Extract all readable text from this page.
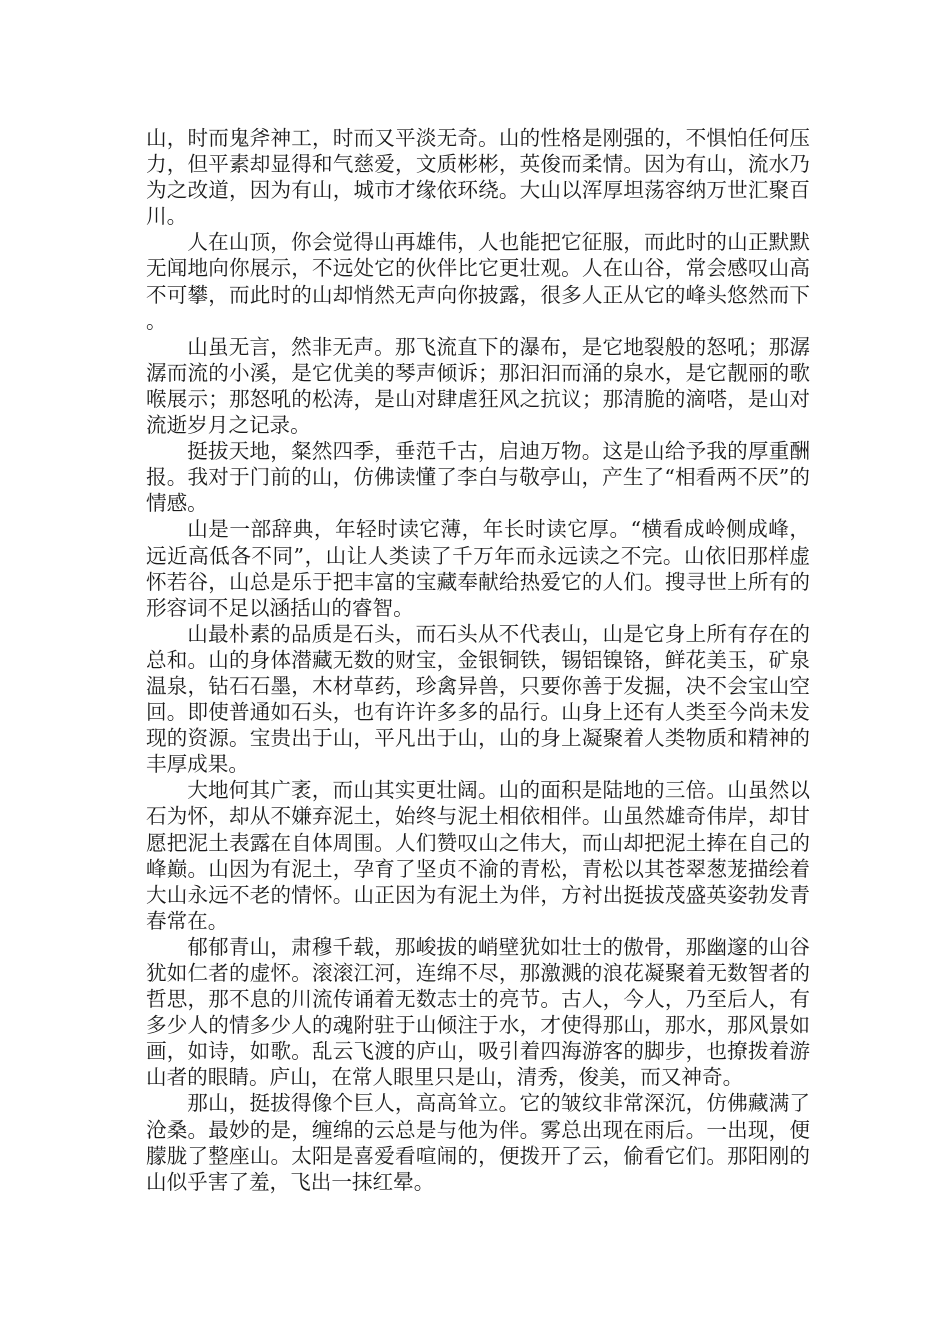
山，时而鬼斧神工，时而又平淡无奇。山的性格是刚强的，不惧怕任何压力，但平素却显得和气慈爱，文质彬彬，英俊而柔情。因为有山，流水乃为之改道，因为有山，城市才缘依环绕。大山以浑厚坦荡容纳万世汇聚百川。

人在山顶，你会觉得山再雄伟，人也能把它征服，而此时的山正默默无闻地向你展示，不远处它的伙伴比它更壮观。人在山谷，常会感叹山高不可攀，而此时的山却悄然无声向你披露，很多人正从它的峰头悠然而下。

山虽无言，然非无声。那飞流直下的瀑布，是它地裂般的怒吼；那潺潺而流的小溪，是它优美的琴声倾诉；那汩汩而涌的泉水，是它靓丽的歌喉展示；那怒吼的松涛，是山对肆虐狂风之抗议；那清脆的滴嗒，是山对流逝岁月之记录。

挺拔天地，粲然四季，垂范千古，启迪万物。这是山给予我的厚重酬报。我对于门前的山，仿佛读懂了李白与敬亭山，产生了“相看两不厌”的情感。

山是一部辞典，年轻时读它薄，年长时读它厚。“横看成岭侧成峰，远近高低各不同”，山让人类读了千万年而永远读之不完。山依旧那样虚怀若谷，山总是乐于把丰富的宝藏奉献给热爱它的人们。搜寻世上所有的形容词不足以涵括山的睿智。

山最朴素的品质是石头，而石头从不代表山，山是它身上所有存在的总和。山的身体潜藏无数的财宝，金银铜铁，锡铝镍铬，鲜花美玉，矿泉温泉，钻石石墨，木材草药，珍禽异兽，只要你善于发掘，决不会宝山空回。即使普通如石头，也有许许多多的品行。山身上还有人类至今尚未发现的资源。宝贵出于山，平凡出于山，山的身上凝聚着人类物质和精神的丰厚成果。

大地何其广袤，而山其实更壮阔。山的面积是陆地的三倍。山虽然以石为怀，却从不嫌弃泥土，始终与泥土相依相伴。山虽然雄奇伟岸，却甘愿把泥土表露在自体周围。人们赞叹山之伟大，而山却把泥土捧在自己的峰巅。山因为有泥土，孕育了坚贞不渝的青松，青松以其苍翠葱茏描绘着大山永远不老的情怀。山正因为有泥土为伴，方衬出挺拔茂盛英姿勃发青春常在。

郁郁青山，肃穆千载，那峻拔的峭壁犹如壮士的傲骨，那幽邃的山谷犹如仁者的虚怀。滚滚江河，连绵不尽，那激溅的浪花凝聚着无数智者的哲思，那不息的川流传诵着无数志士的亮节。古人，今人，乃至后人，有多少人的情多少人的魂附驻于山倾注于水，才使得那山，那水，那风景如画，如诗，如歌。乱云飞渡的庐山，吸引着四海游客的脚步，也撩拨着游山者的眼睛。庐山，在常人眼里只是山，清秀，俊美，而又神奇。

那山，挺拔得像个巨人，高高耸立。它的皱纹非常深沉，仿佛藏满了沧桑。最妙的是，缠绵的云总是与他为伴。雾总出现在雨后。一出现，便朦胧了整座山。太阳是喜爱看喧闹的，便拨开了云，偷看它们。那阳刚的山似乎害了羞，飞出一抹红晕。
